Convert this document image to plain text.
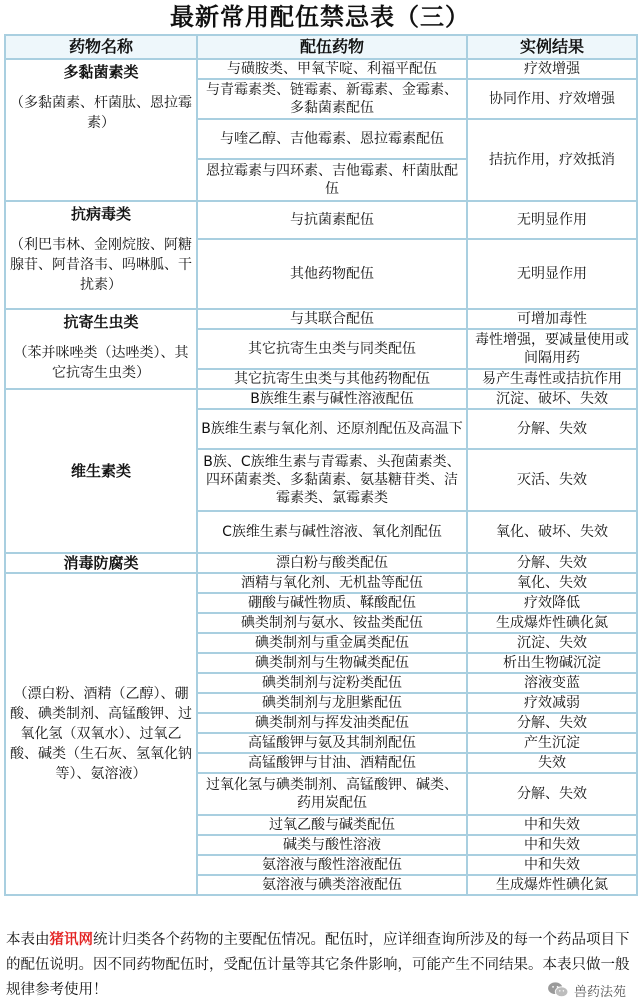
最新常用配伍禁忌表（三）
药物名称	配伍药物	实例结果

多黏菌素类
（多黏菌素、杆菌肽、恩拉霉素）	与磺胺类、甲氧苄啶、利福平配伍	疗效增强
	与青霉素类、链霉素、新霉素、金霉素、多黏菌素配伍	协同作用、疗效增强
	与喹乙醇、吉他霉素、恩拉霉素配伍	拮抗作用，疗效抵消
	恩拉霉素与四环素、吉他霉素、杆菌肽配伍	

抗病毒类
（利巴韦林、金刚烷胺、阿糖腺苷、阿昔洛韦、吗啉胍、干扰素）	与抗菌素配伍	无明显作用
	其他药物配伍	无明显作用

抗寄生虫类
（苯并咪唑类（达唑类）、其它抗寄生虫类）	与其联合配伍	可增加毒性
	其它抗寄生虫类与同类配伍	毒性增强，要减量使用或间隔用药
	其它抗寄生虫类与其他药物配伍	易产生毒性或拮抗作用

维生素类	B族维生素与碱性溶液配伍	沉淀、破坏、失效
	B族维生素与氧化剂、还原剂配伍及高温下	分解、失效
	B族、C族维生素与青霉素、头孢菌素类、四环菌素类、多黏菌素、氨基糖苷类、洁霉素类、氯霉素类	灭活、失效
	C族维生素与碱性溶液、氧化剂配伍	氧化、破坏、失效

消毒防腐类	漂白粉与酸类配伍	分解、失效

（漂白粉、酒精（乙醇）、硼酸、碘类制剂、高锰酸钾、过氧化氢（双氧水）、过氧乙酸、碱类（生石灰、氢氧化钠等）、氨溶液）	酒精与氧化剂、无机盐等配伍	氧化、失效
	硼酸与碱性物质、鞣酸配伍	疗效降低
	碘类制剂与氨水、铵盐类配伍	生成爆炸性碘化氮
	碘类制剂与重金属类配伍	沉淀、失效
	碘类制剂与生物碱类配伍	析出生物碱沉淀
	碘类制剂与淀粉类配伍	溶液变蓝
	碘类制剂与龙胆紫配伍	疗效减弱
	碘类制剂与挥发油类配伍	分解、失效
	高锰酸钾与氨及其制剂配伍	产生沉淀
	高锰酸钾与甘油、酒精配伍	失效
	过氧化氢与碘类制剂、高锰酸钾、碱类、药用炭配伍	分解、失效
	过氧乙酸与碱类配伍	中和失效
	碱类与酸性溶液	中和失效
	氨溶液与酸性溶液配伍	中和失效
	氨溶液与碘类溶液配伍	生成爆炸性碘化氮
本表由猪讯网统计归类各个药物的主要配伍情况。配伍时，应详细查询所涉及的每一个药品项目下的配伍说明。因不同药物配伍时，受配伍计量等其它条件影响，可能产生不同结果。本表只做一般规律参考使用！	兽药法苑
